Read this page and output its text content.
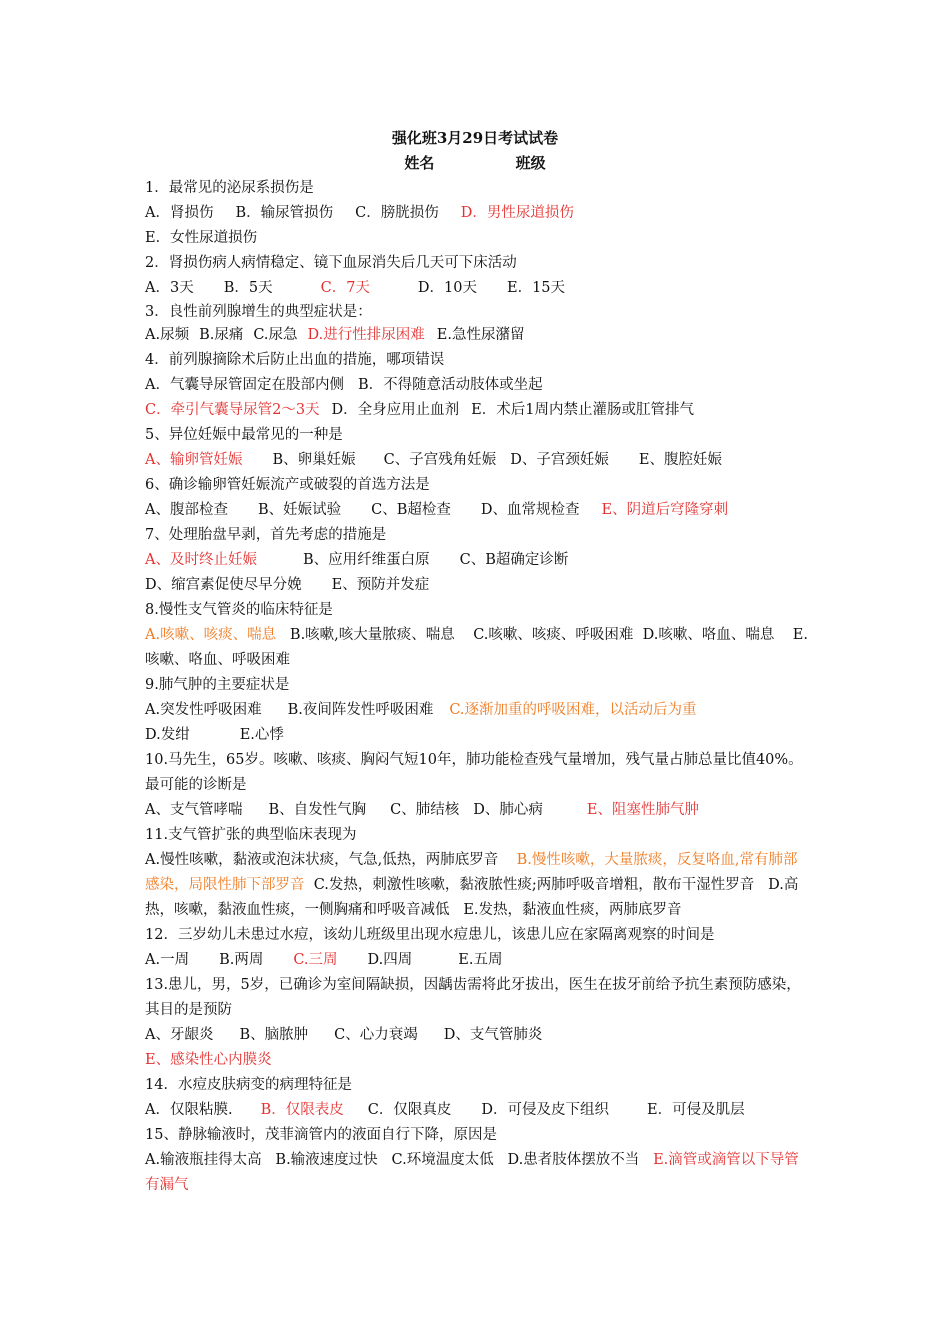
强化班3月29日考试试卷
姓名	班级
1．最常见的泌尿系损伤是
A．肾损伤 B．输尿管损伤 C．膀胱损伤 D．男性尿道损伤
E．女性尿道损伤
2．肾损伤病人病情稳定、镜下血尿消失后几天可下床活动
A．3天 B．5天	C．7天	D．10天 E．15天
3．良性前列腺增生的典型症状是：
A.尿频 B.尿痛 C.尿急 D.进行性排尿困难 E.急性尿潴留
4．前列腺摘除术后防止出血的措施，哪项错误
A．气囊导尿管固定在股部内侧 B．不得随意活动肢体或坐起
C．牵引气囊导尿管2～3天 D．全身应用止血剂 E．术后1周内禁止灌肠或肛管排气
5、异位妊娠中最常见的一种是
A、输卵管妊娠 B、卵巢妊娠 C、子宫残角妊娠 D、子宫颈妊娠 E、腹腔妊娠
6、确诊输卵管妊娠流产或破裂的首选方法是
A、腹部检查 B、妊娠试验 C、B超检查 D、血常规检查 E、阴道后穹隆穿刺
7、处理胎盘早剥，首先考虑的措施是
A、及时终止妊娠	B、应用纤维蛋白原 C、B超确定诊断
D、缩宫素促使尽早分娩 E、预防并发症
8.慢性支气管炎的临床特征是
A.咳嗽、咳痰、喘息 B.咳嗽,咳大量脓痰、喘息 C.咳嗽、咳痰、呼吸困难 D.咳嗽、咯血、喘息 E.咳嗽、咯血、呼吸困难
9.肺气肿的主要症状是
A.突发性呼吸困难 B.夜间阵发性呼吸困难 C.逐渐加重的呼吸困难，以活动后为重
D.发绀	E.心悸
10.马先生，65岁。咳嗽、咳痰、胸闷气短10年，肺功能检查残气量增加，残气量占肺总量比值40%。最可能的诊断是
A、支气管哮喘 B、自发性气胸 C、肺结核 D、肺心病	E、阻塞性肺气肿
11.支气管扩张的典型临床表现为
A.慢性咳嗽，黏液或泡沫状痰，气急,低热，两肺底罗音 B.慢性咳嗽，大量脓痰，反复咯血,常有肺部感染，局限性肺下部罗音 C.发热，刺激性咳嗽，黏液脓性痰;两肺呼吸音增粗，散布干湿性罗音 D.高热，咳嗽，黏液血性痰，一侧胸痛和呼吸音减低 E.发热，黏液血性痰，两肺底罗音
12．三岁幼儿未患过水痘，该幼儿班级里出现水痘患儿，该患儿应在家隔离观察的时间是
A.一周 B.两周 C.三周 D.四周	E.五周
13.患儿，男，5岁，已确诊为室间隔缺损，因龋齿需将此牙拔出，医生在拔牙前给予抗生素预防感染，其目的是预防
A、牙龈炎 B、脑脓肿 C、心力衰竭 D、支气管肺炎
E、感染性心内膜炎
14．水痘皮肤病变的病理特征是
A．仅限粘膜. B．仅限表皮 C．仅限真皮 D．可侵及皮下组织	E．可侵及肌层
15、静脉输液时，茂菲滴管内的液面自行下降，原因是
A.输液瓶挂得太高 B.输液速度过快 C.环境温度太低 D.患者肢体摆放不当 E.滴管或滴管以下导管有漏气
